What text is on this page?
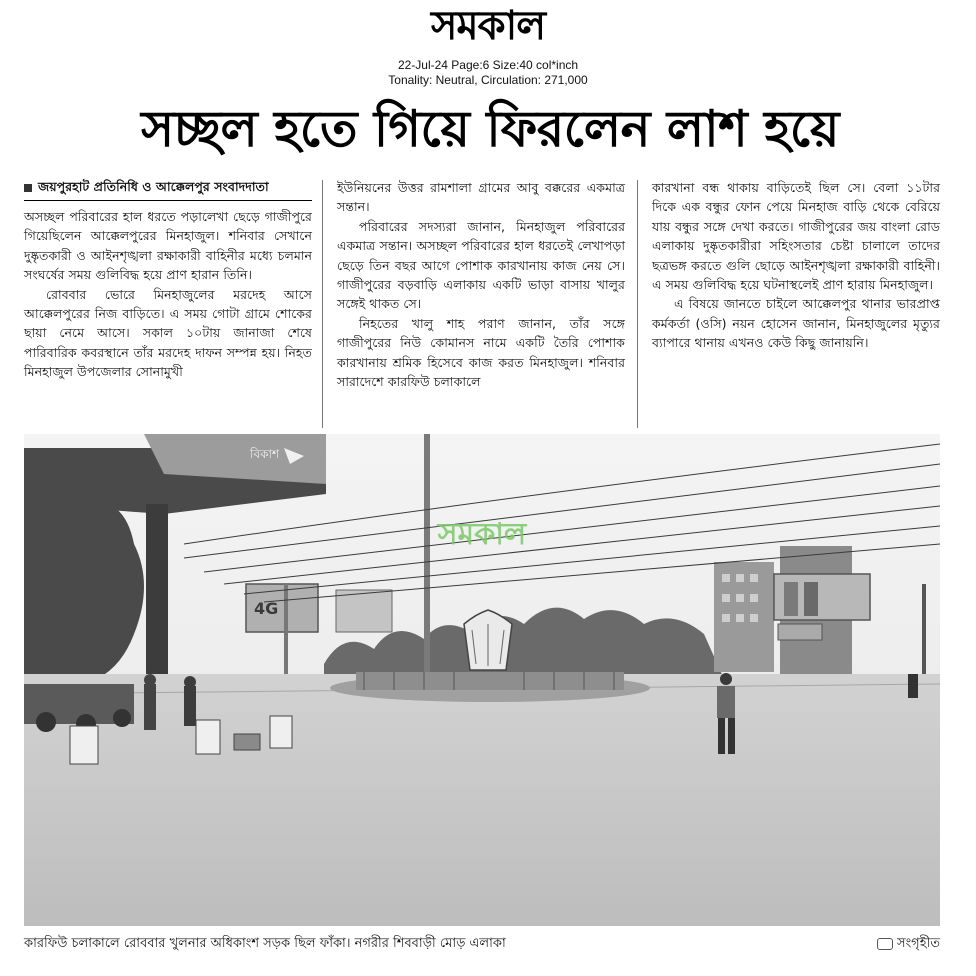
সমকাল
22-Jul-24 Page:6 Size:40 col*inch
Tonality: Neutral, Circulation: 271,000
সচ্ছল হতে গিয়ে ফিরলেন লাশ হয়ে
জয়পুরহাট প্রতিনিধি ও আক্কেলপুর সংবাদদাতা

অসচ্ছল পরিবারের হাল ধরতে পড়ালেখা ছেড়ে গাজীপুরে গিয়েছিলেন আক্কেলপুরের মিনহাজুল। শনিবার সেখানে দুষ্কৃতকারী ও আইনশৃঙ্খলা রক্ষাকারী বাহিনীর মধ্যে চলমান সংঘর্ষের সময় গুলিবিদ্ধ হয়ে প্রাণ হারান তিনি।

রোববার ভোরে মিনহাজুলের মরদেহ আসে আক্কেলপুরের নিজ বাড়িতে। এ সময় গোটা গ্রামে শোকের ছায়া নেমে আসে। সকাল ১০টায় জানাজা শেষে পারিবারিক কবরস্থানে তাঁর মরদেহ দাফন সম্পন্ন হয়। নিহত মিনহাজুল উপজেলার সোনামুখী

ইউনিয়নের উত্তর রামশালা গ্রামের আবু বক্করের একমাত্র সন্তান।

পরিবারের সদস্যরা জানান, মিনহাজুল পরিবারের একমাত্র সন্তান। অসচ্ছল পরিবারের হাল ধরতেই লেখাপড়া ছেড়ে তিন বছর আগে পোশাক কারখানায় কাজ নেয় সে। গাজীপুরের বড়বাড়ি এলাকায় একটি ভাড়া বাসায় খালুর সঙ্গেই থাকত সে।

নিহতের খালু শাহ পরাণ জানান, তাঁর সঙ্গে গাজীপুরের নিউ কোমানস নামে একটি তৈরি পোশাক কারখানায় শ্রমিক হিসেবে কাজ করত মিনহাজুল। শনিবার সারাদেশে কারফিউ চলাকালে

কারখানা বন্ধ থাকায় বাড়িতেই ছিল সে। বেলা ১১টার দিকে এক বন্ধুর ফোন পেয়ে মিনহাজ বাড়ি থেকে বেরিয়ে যায় বন্ধুর সঙ্গে দেখা করতে। গাজীপুরের জয় বাংলা রোড এলাকায় দুষ্কৃতকারীরা সহিংসতার চেষ্টা চালালে তাদের ছত্রভঙ্গ করতে গুলি ছোড়ে আইনশৃঙ্খলা রক্ষাকারী বাহিনী। এ সময় গুলিবিদ্ধ হয়ে ঘটনাস্থলেই প্রাণ হারায় মিনহাজুল।

এ বিষয়ে জানতে চাইলে আক্কেলপুর থানার ভারপ্রাপ্ত কর্মকর্তা (ওসি) নয়ন হোসেন জানান, মিনহাজুলের মৃত্যুর ব্যাপারে থানায় এখনও কেউ কিছু জানায়নি।

4G
বিকাশ
সমকাল
কারফিউ চলাকালে রোববার খুলনার অধিকাংশ সড়ক ছিল ফাঁকা। নগরীর শিববাড়ী মোড় এলাকা	সংগৃহীত
